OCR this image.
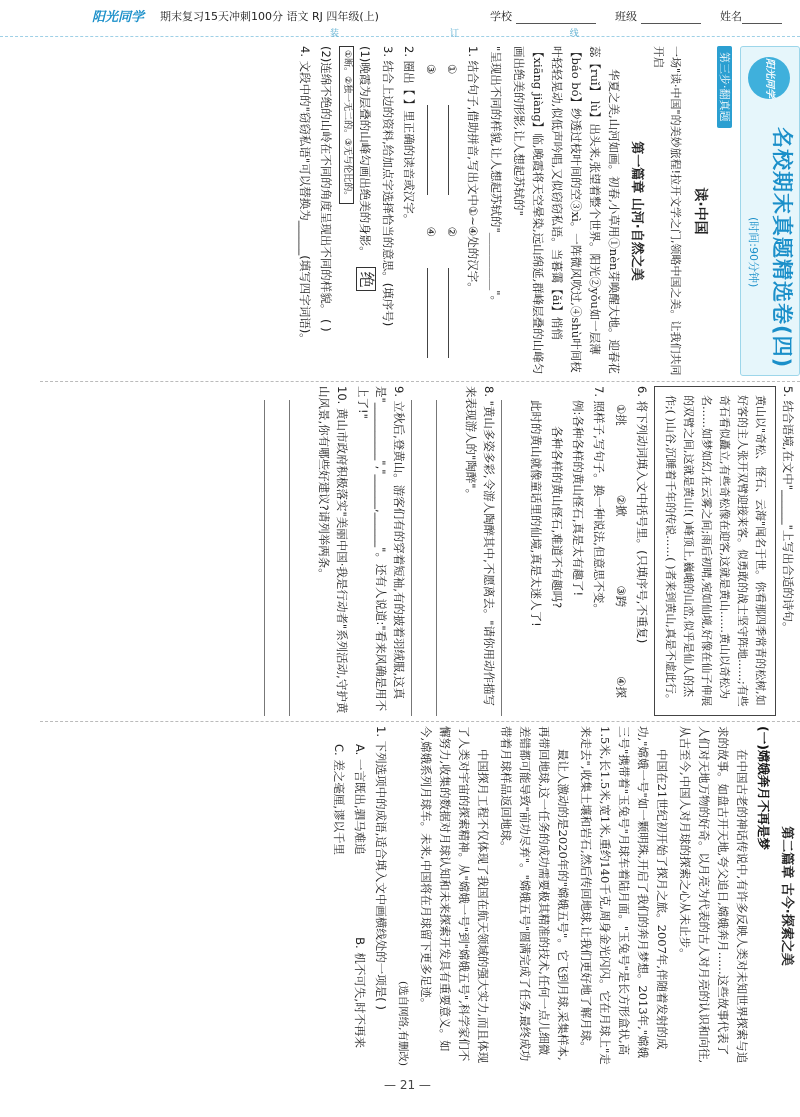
阳光同学 期末复习15天冲刺100分 语文 RJ 四年级(上)	学校	班级	姓名
装 订 线
阳光同学
名校期末真题精选卷(四)
(时间:90分钟)
第三步·翻真题
读·中国
一场"读·中国"的美妙旅程!拉开文学之门,领略中国之美。让我们共同开启
第一篇章 山河·自然之美

华夏之美,山河如画。初春,小草用①nèn芽唤醒大地。迎春花蕊【ruǐ】 lù】出头来,张望着整个世界。阳光②yǒu如一层薄【báo bó】纱透过枝叶间的空③xì。一阵微风吹过,④shù叶间枝叶轻轻晃动,似低声吟唱,又似窃窃私语。当暮霭【ǎi】悄悄【xiāng jiàng】临,晚霞将天空晕染,远山绵延,群峰层叠的山峰匀画出绝美的形影,让人想起苏轼的"

"呈现出不同的样貌,让人想起苏轼的"__________"。

1. 结合句子,借助拼音,写出文中①~④处的汉字。
①
②
③
④
2. 圈出【 】里正确的读音或汉字。
3. 结合上边的资料,给加点字选择恰当的意思。(填序号)
(1)晚霞为层叠的山峰勾画出绝美的身影。 绝 ①断。②独一无二的。③无与伦比的。
(2)连绵不绝的山岭在不同的角度呈现出不同的样貌。 ( )
4. 文段中的"窃窃私语"可以替换为______(填写四字词语)。
5. 结合语境,在文中"______"上写出合适的诗句。
黄山以"奇松、怪石、云海"闻名于世。你看那四季常青的松树,如好客的主人张开双臂迎接来客。似勇敢的战士坚守阵地……;有些奇石看似矗立,有些奇松像在迎客,这就是黄山……黄山以奇松为名……如梦如幻,在云雾之间;雨后初晴,宛如仙境,好像在仙子伸展的双臂之间,这就是黄山!( )峰顶上,巍峨的山峦,似乎是仙人的杰作;( )山谷,沉睡着千年的传说……( )者来到黄山,真是不虚此行。
6. 将下列动词填入文中括号里。(只填序号,不重复)
①挑
②掀
③跨
④探
7. 照样子,写句子。换一种说法,但意思不变。
例:各种各样的黄山怪石,真是太有趣了!
各种各样的黄山怪石,难道不有趣吗?
此时的黄山就像童话里的仙境,真是太迷人了!
8. "黄山多姿多彩,令游人陶醉其中,不愿离去。"请你用动作描写来表现游人的"陶醉"。
9. 立秋后,登黄山。游客们有的穿着短袖,有的披着羽绒服,这真是"__________","______,______"。还有人说道:"看来风确是用不上了!"
10. 黄山市政府积极落实"美丽中国·我是行动者"系列活动,守护黄山风景,你有哪些好建议?请列举两条。
第二篇章 古今·探索之美
(一)嫦娥奔月不再是梦

在中国古老的神话传说中,有许多反映人类对未知世界探索与追求的故事。如盘古开天地,夸父追日,嫦娥奔月……这些故事代表了人们对天地万物的好奇。以月亮为代表的古人对月亮的认识和向往,从古至今,中国人对月球的探索之心从未止步。

中国在21世纪初开始了探月之旅。2007年,伴随着发射的成功,"嫦娥一号"如一颗明珠,开启了我们的奔月梦想。2013年,"嫦娥三号"携带着"玉兔号"月球车着陆月面。"玉兔号"是长方形盒状,高1.5米,长1.5米,宽1米,重约140千克,周身金光闪闪。它在月球上"走来走去",收集土壤和岩石,然后传回地球,让我们更好地了解月球。

最让人激动的是2020年的"嫦娥五号"。它飞到月球,采集样本,再带回地球,这一任务的成功需要极其精准的技术,任何一点儿细微差错都可能导致"前功尽弃"。"嫦娥五号"圆满完成了任务,最终成功带着月球样品返回地球。

中国探月工程不仅体现了我国在航天领域的强大实力,而且体现了人类对宇宙的探索精神。从"嫦娥一号"到"嫦娥五号",科学家们不懈努力,收集的数据对月球认知和未来探索开发具有重要意义。如今,嫦娥系列月球车。未来,中国将在月球留下更多足迹。

(选自网络,有删改)
1. 下列选项中的成语,适合填入文中画横线处的一项是( )
A. 一言既出,驷马难追
B. 机不可失,时不再来
C. 差之毫厘,谬以千里
— 21 —
